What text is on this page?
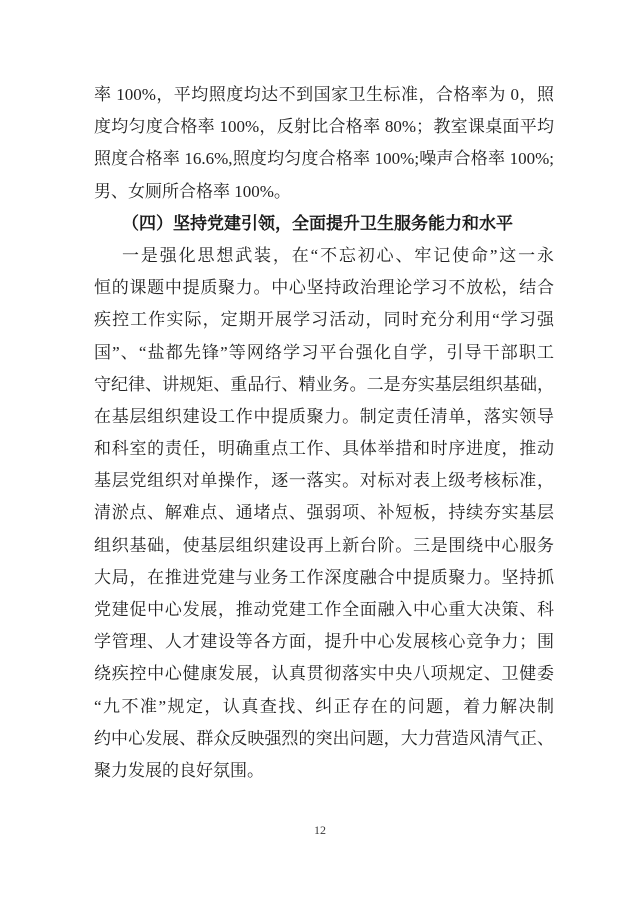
率 100%，平均照度均达不到国家卫生标准，合格率为 0，照
度均匀度合格率 100%，反射比合格率 80%；教室课桌面平均
照度合格率 16.6%,照度均匀度合格率 100%;噪声合格率 100%;
男、女厕所合格率 100%。
（四）坚持党建引领，全面提升卫生服务能力和水平
一是强化思想武装，在“不忘初心、牢记使命”这一永
恒的课题中提质聚力。中心坚持政治理论学习不放松，结合
疾控工作实际，定期开展学习活动，同时充分利用“学习强
国”、“盐都先锋”等网络学习平台强化自学，引导干部职工
守纪律、讲规矩、重品行、精业务。二是夯实基层组织基础，
在基层组织建设工作中提质聚力。制定责任清单，落实领导
和科室的责任，明确重点工作、具体举措和时序进度，推动
基层党组织对单操作，逐一落实。对标对表上级考核标准，
清淤点、解难点、通堵点、强弱项、补短板，持续夯实基层
组织基础，使基层组织建设再上新台阶。三是围绕中心服务
大局，在推进党建与业务工作深度融合中提质聚力。坚持抓
党建促中心发展，推动党建工作全面融入中心重大决策、科
学管理、人才建设等各方面，提升中心发展核心竞争力；围
绕疾控中心健康发展，认真贯彻落实中央八项规定、卫健委
“九不准”规定，认真查找、纠正存在的问题，着力解决制
约中心发展、群众反映强烈的突出问题，大力营造风清气正、
聚力发展的良好氛围。
12
